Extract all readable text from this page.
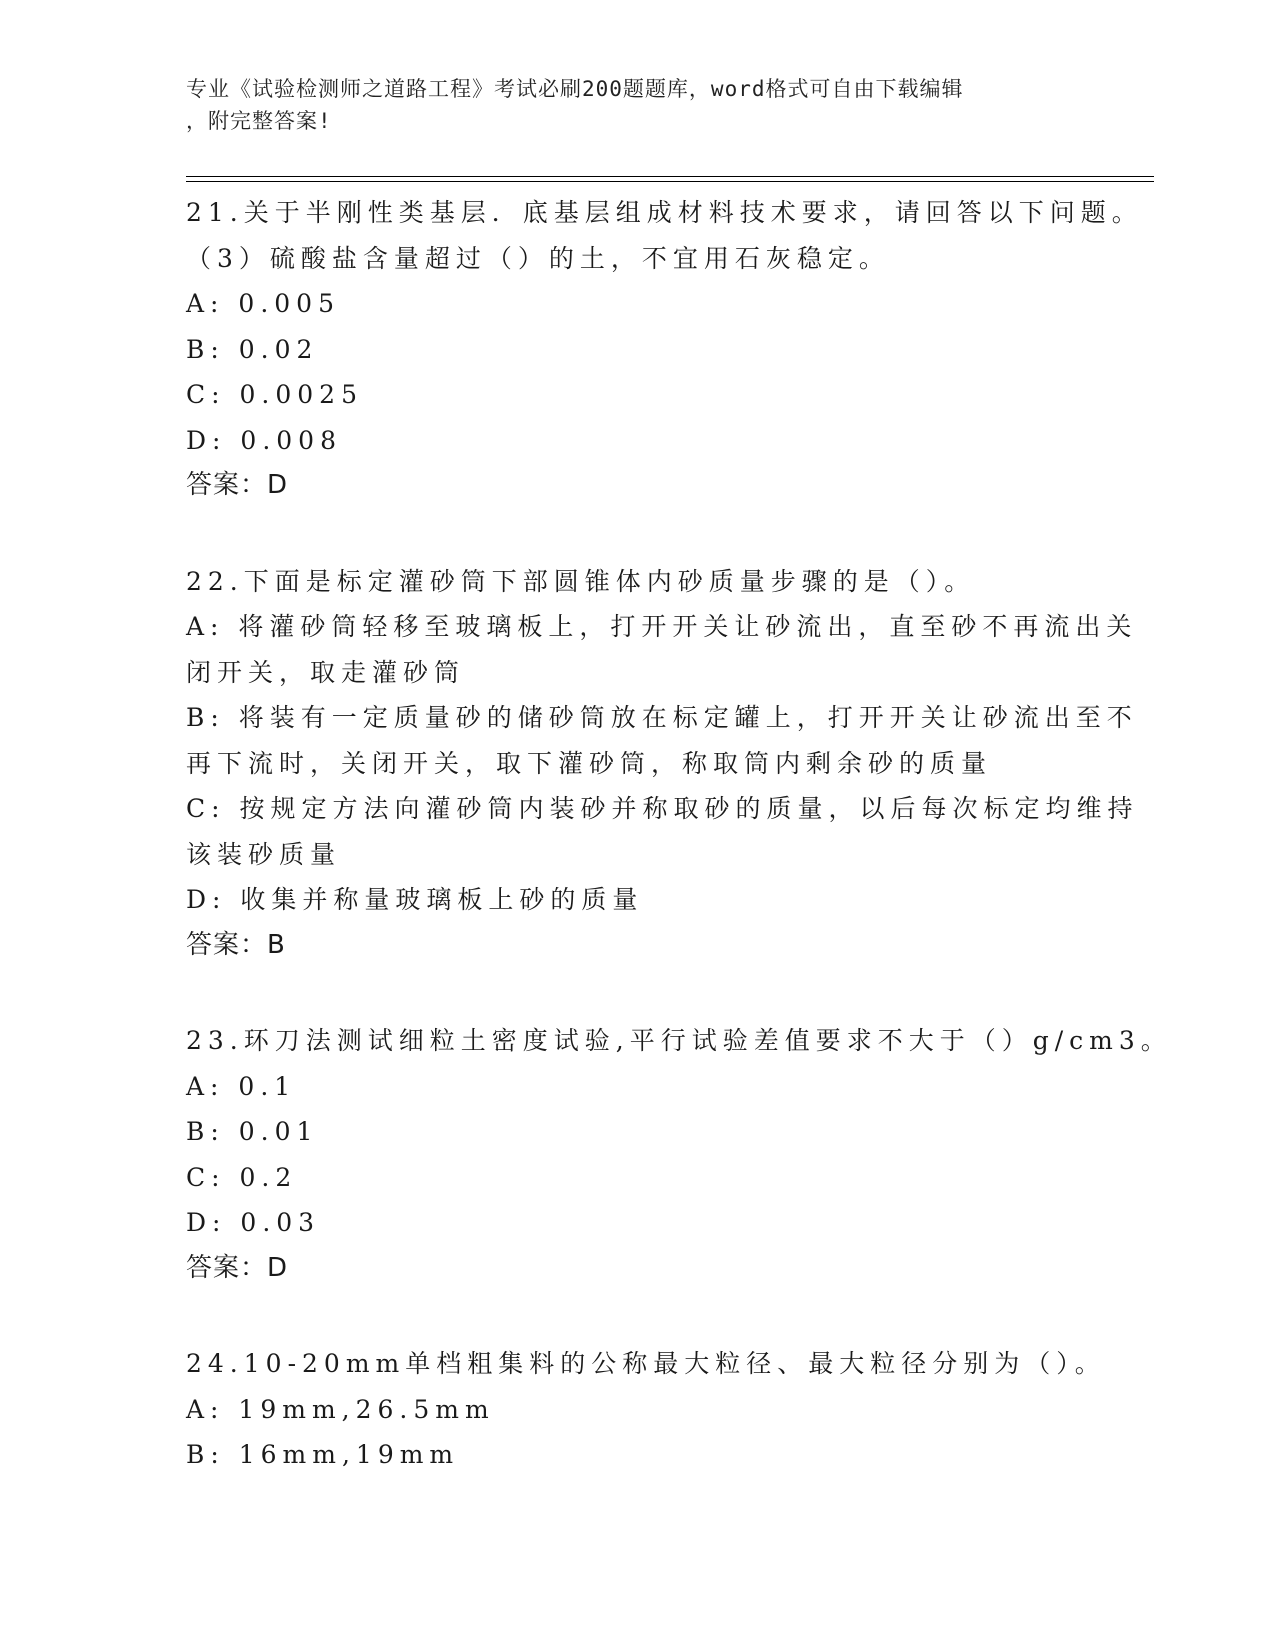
专业《试验检测师之道路工程》考试必刷200题题库，word格式可自由下载编辑
，附完整答案!
21.关于半刚性类基层．底基层组成材料技术要求，请回答以下问题。
（3）硫酸盐含量超过（）的土，不宜用石灰稳定。
A: 0.005
B: 0.02
C: 0.0025
D: 0.008
答案：D
22.下面是标定灌砂筒下部圆锥体内砂质量步骤的是（）。
A: 将灌砂筒轻移至玻璃板上，打开开关让砂流出，直至砂不再流出关
闭开关，取走灌砂筒
B: 将装有一定质量砂的储砂筒放在标定罐上，打开开关让砂流出至不
再下流时，关闭开关，取下灌砂筒，称取筒内剩余砂的质量
C: 按规定方法向灌砂筒内装砂并称取砂的质量，以后每次标定均维持
该装砂质量
D: 收集并称量玻璃板上砂的质量
答案：B
23.环刀法测试细粒土密度试验,平行试验差值要求不大于（）g/cm3。
A: 0.1
B: 0.01
C: 0.2
D: 0.03
答案：D
24.10-20mm单档粗集料的公称最大粒径、最大粒径分别为（）。
A: 19mm,26.5mm
B: 16mm,19mm
